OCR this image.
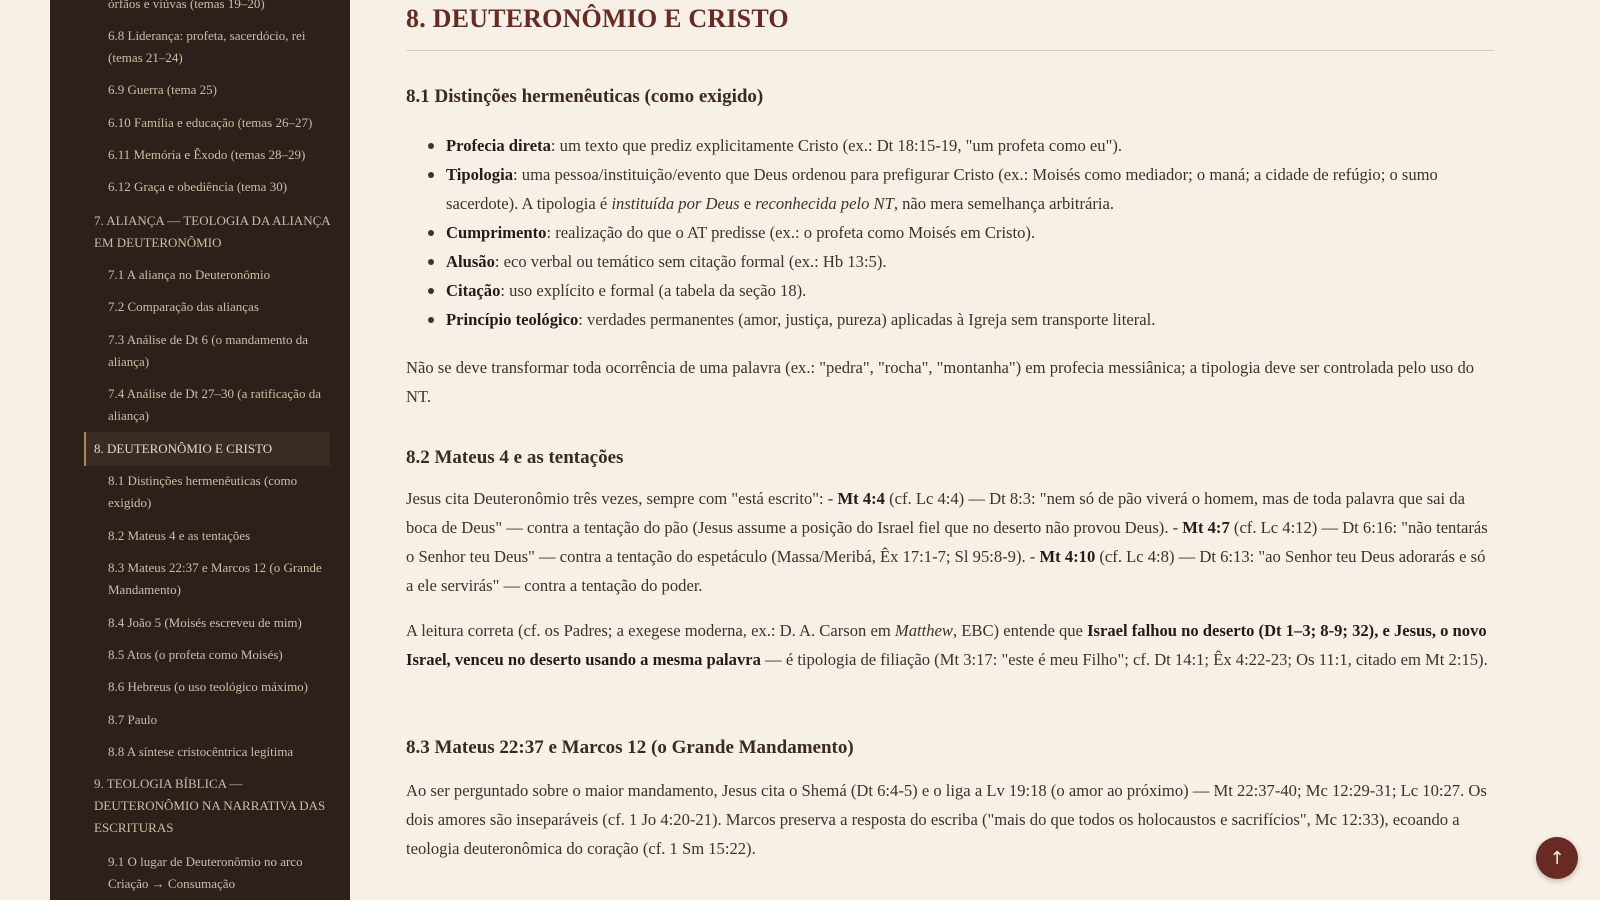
órfãos e viúvas (temas 19–20)
6.8 Liderança: profeta, sacerdócio, rei (temas 21–24)
6.9 Guerra (tema 25)
6.10 Família e educação (temas 26–27)
6.11 Memória e Êxodo (temas 28–29)
6.12 Graça e obediência (tema 30)
7. ALIANÇA — TEOLOGIA DA ALIANÇA EM DEUTERONÔMIO
7.1 A aliança no Deuteronômio
7.2 Comparação das alianças
7.3 Análise de Dt 6 (o mandamento da aliança)
7.4 Análise de Dt 27–30 (a ratificação da aliança)
8. DEUTERONÔMIO E CRISTO
8.1 Distinções hermenêuticas (como exigido)
8.2 Mateus 4 e as tentações
8.3 Mateus 22:37 e Marcos 12 (o Grande Mandamento)
8.4 João 5 (Moisés escreveu de mim)
8.5 Atos (o profeta como Moisés)
8.6 Hebreus (o uso teológico máximo)
8.7 Paulo
8.8 A síntese cristocêntrica legítima
9. TEOLOGIA BÍBLICA — DEUTERONÔMIO NA NARRATIVA DAS ESCRITURAS
9.1 O lugar de Deuteronômio no arco Criação → Consumação
8. DEUTERONÔMIO E CRISTO
8.1 Distinções hermenêuticas (como exigido)
Profecia direta: um texto que prediz explicitamente Cristo (ex.: Dt 18:15-19, "um profeta como eu").
Tipologia: uma pessoa/instituição/evento que Deus ordenou para prefigurar Cristo (ex.: Moisés como mediador; o maná; a cidade de refúgio; o sumo sacerdote). A tipologia é instituída por Deus e reconhecida pelo NT, não mera semelhança arbitrária.
Cumprimento: realização do que o AT predisse (ex.: o profeta como Moisés em Cristo).
Alusão: eco verbal ou temático sem citação formal (ex.: Hb 13:5).
Citação: uso explícito e formal (a tabela da seção 18).
Princípio teológico: verdades permanentes (amor, justiça, pureza) aplicadas à Igreja sem transporte literal.

Não se deve transformar toda ocorrência de uma palavra (ex.: "pedra", "rocha", "montanha") em profecia messiânica; a tipologia deve ser controlada pelo uso do NT.

8.2 Mateus 4 e as tentações

Jesus cita Deuteronômio três vezes, sempre com "está escrito": - Mt 4:4 (cf. Lc 4:4) — Dt 8:3: "nem só de pão viverá o homem, mas de toda palavra que sai da boca de Deus" — contra a tentação do pão (Jesus assume a posição do Israel fiel que no deserto não provou Deus). - Mt 4:7 (cf. Lc 4:12) — Dt 6:16: "não tentarás o Senhor teu Deus" — contra a tentação do espetáculo (Massa/Meribá, Êx 17:1-7; Sl 95:8-9). - Mt 4:10 (cf. Lc 4:8) — Dt 6:13: "ao Senhor teu Deus adorarás e só a ele servirás" — contra a tentação do poder.

A leitura correta (cf. os Padres; a exegese moderna, ex.: D. A. Carson em Matthew, EBC) entende que Israel falhou no deserto (Dt 1–3; 8-9; 32), e Jesus, o novo Israel, venceu no deserto usando a mesma palavra — é tipologia de filiação (Mt 3:17: "este é meu Filho"; cf. Dt 14:1; Êx 4:22-23; Os 11:1, citado em Mt 2:15).

8.3 Mateus 22:37 e Marcos 12 (o Grande Mandamento)

Ao ser perguntado sobre o maior mandamento, Jesus cita o Shemá (Dt 6:4-5) e o liga a Lv 19:18 (o amor ao próximo) — Mt 22:37-40; Mc 12:29-31; Lc 10:27. Os dois amores são inseparáveis (cf. 1 Jo 4:20-21). Marcos preserva a resposta do escriba ("mais do que todos os holocaustos e sacrifícios", Mc 12:33), ecoando a teologia deuteronômica do coração (cf. 1 Sm 15:22).	↑
